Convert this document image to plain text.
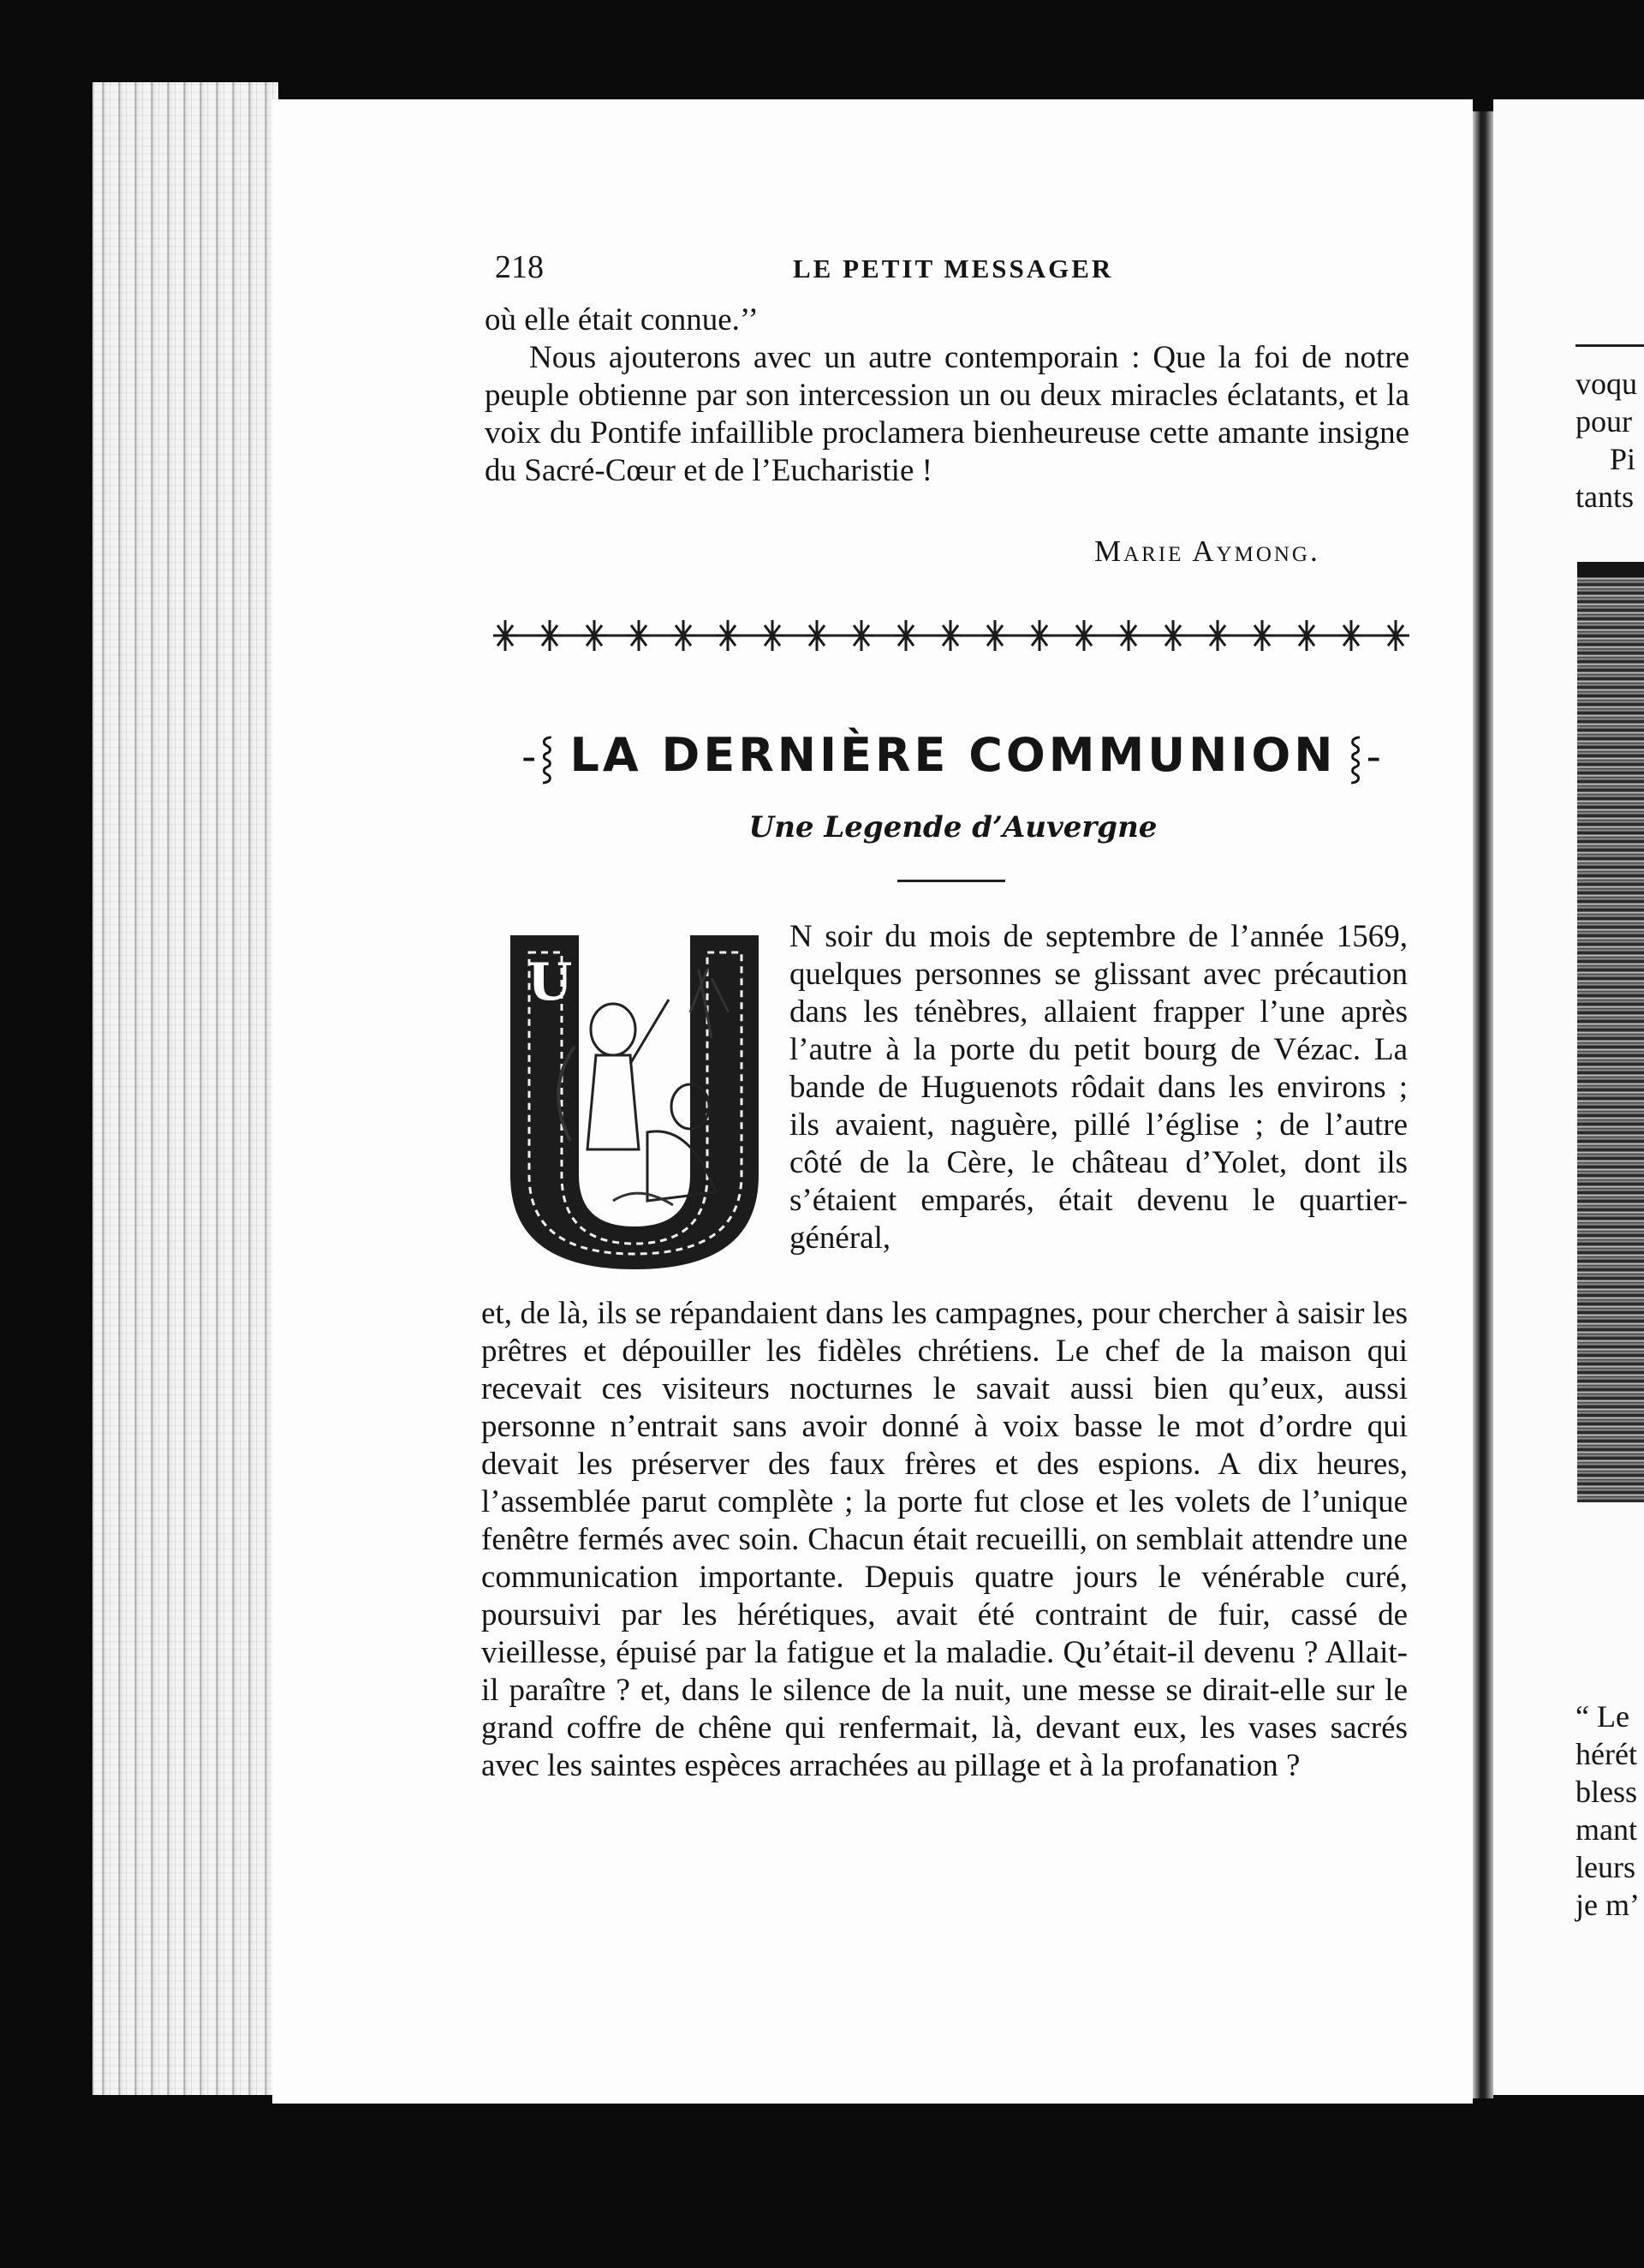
218	LE PETIT MESSAGER

où elle était connue.’’

Nous ajouterons avec un autre contemporain : Que la foi de notre peuple obtienne par son intercession un ou deux miracles éclatants, et la voix du Pontife infaillible proclamera bienheureuse cette amante insigne du Sacré-Cœur et de l’Eucharistie !

Marie Aymong.
-⸾ LA DERNIÈRE COMMUNION ⸾-
Une Legende d’Auvergne
U

N soir du mois de septembre de l’année 1569, quelques personnes se glissant avec précaution dans les ténèbres, allaient frapper l’une après l’autre à la porte du petit bourg de Vézac. La bande de Huguenots rôdait dans les environs ; ils avaient, naguère, pillé l’église ; de l’autre côté de la Cère, le château d’Yolet, dont ils s’étaient emparés, était devenu le quartier-général,

et, de là, ils se répandaient dans les campagnes, pour chercher à saisir les prêtres et dépouiller les fidèles chrétiens. Le chef de la maison qui recevait ces visiteurs nocturnes le savait aussi bien qu’eux, aussi personne n’entrait sans avoir donné à voix basse le mot d’ordre qui devait les préserver des faux frères et des espions. A dix heures, l’assemblée parut complète ; la porte fut close et les volets de l’unique fenêtre fermés avec soin. Chacun était recueilli, on semblait attendre une communication importante. Depuis quatre jours le vénérable curé, poursuivi par les hérétiques, avait été contraint de fuir, cassé de vieillesse, épuisé par la fatigue et la maladie. Qu’était-il devenu ? Allait-il paraître ? et, dans le silence de la nuit, une messe se dirait-elle sur le grand coffre de chêne qui renfermait, là, devant eux, les vases sacrés avec les saintes espèces arrachées au pillage et à la profanation ?

voqu
pour
Pi
tants
“ Le
hérét
bless
mant
leurs
je m’
